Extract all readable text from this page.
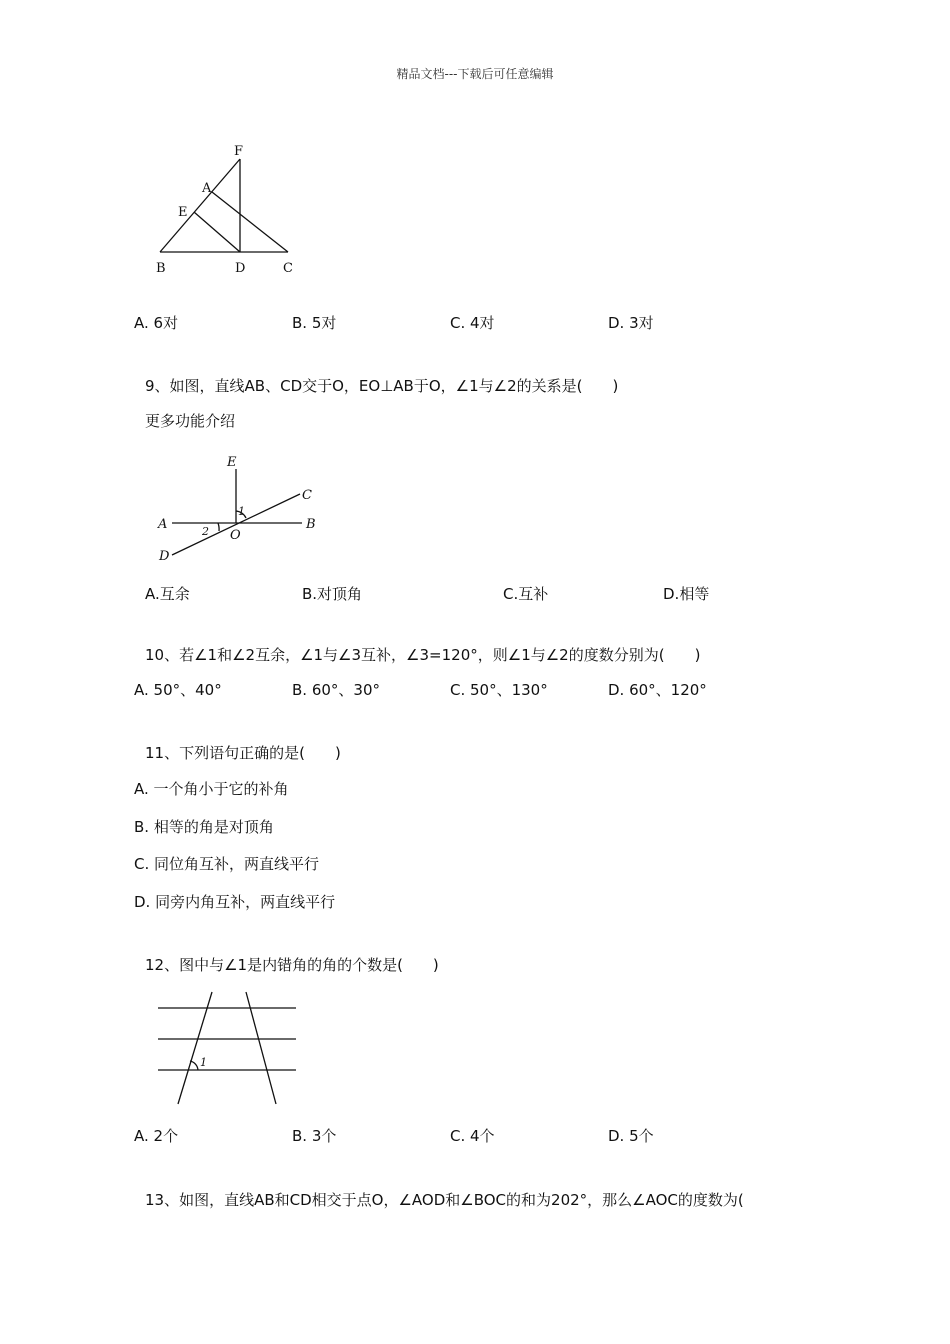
精品文档---下载后可任意编辑
F
A
E
B	D	C
A. 6对	B. 5对	C. 4对	D. 3对
9、如图，直线AB、CD交于O，EO⊥AB于O，∠1与∠2的关系是(　　)
更多功能介绍
E
C
A	B
D
O
1
2
A.互余	B.对顶角	C.互补	D.相等
10、若∠1和∠2互余，∠1与∠3互补，∠3=120°，则∠1与∠2的度数分别为(　　)
A. 50°、40°	B. 60°、30°	C. 50°、130°	D. 60°、120°
11、下列语句正确的是(　　)
A. 一个角小于它的补角
B. 相等的角是对顶角
C. 同位角互补，两直线平行
D. 同旁内角互补，两直线平行
12、图中与∠1是内错角的角的个数是(　　)
1
A. 2个	B. 3个	C. 4个	D. 5个
13、如图，直线AB和CD相交于点O，∠AOD和∠BOC的和为202°，那么∠AOC的度数为(
